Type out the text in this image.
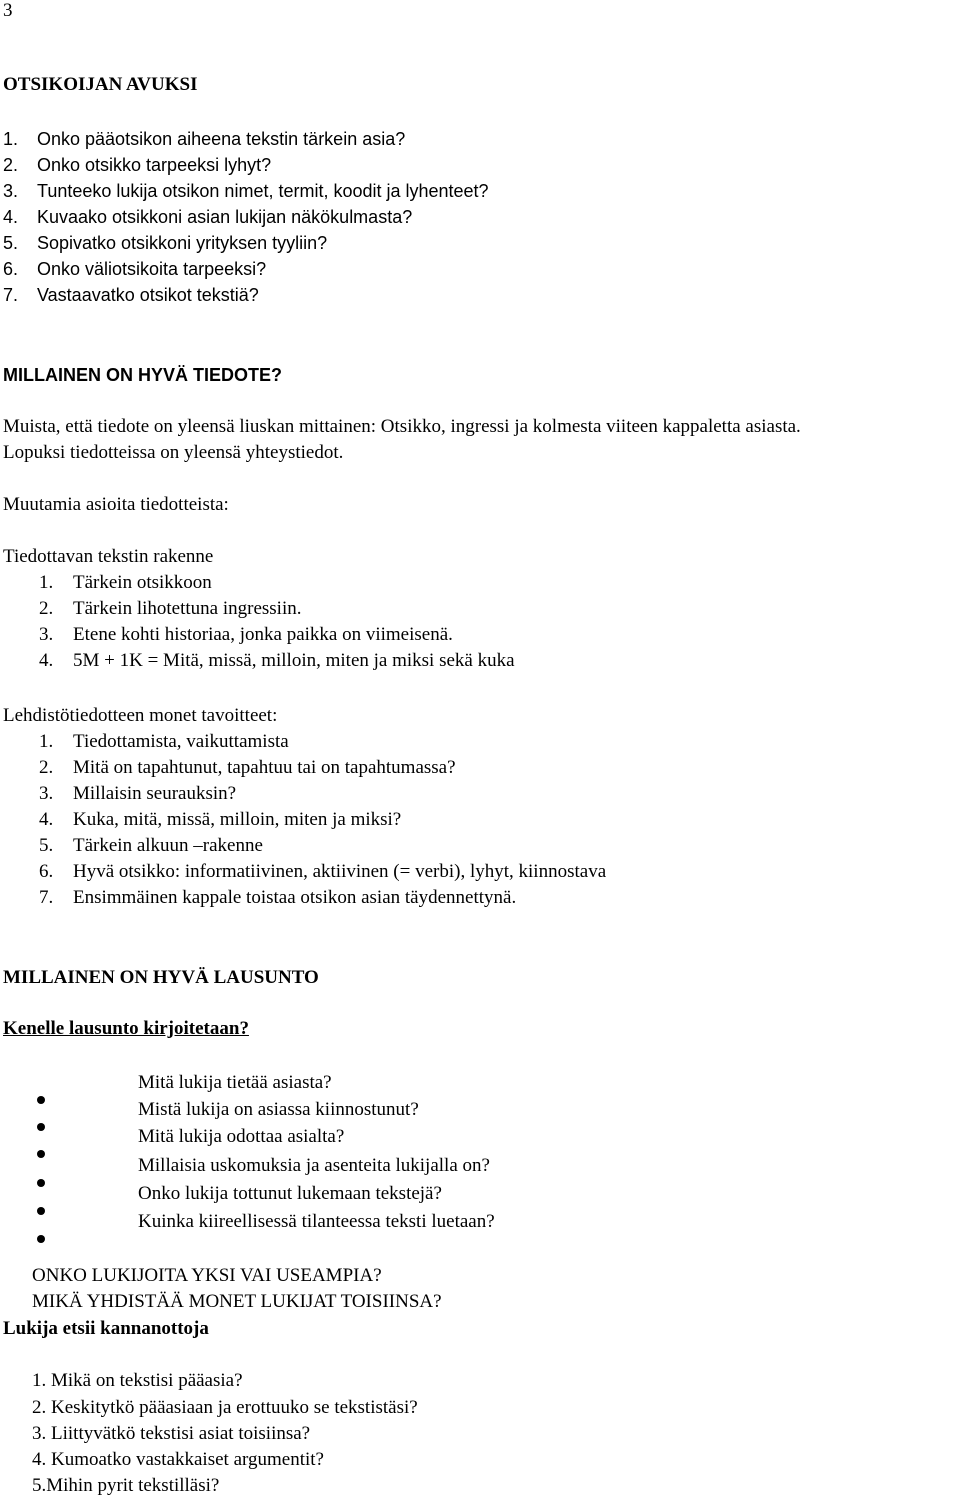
3
OTSIKOIJAN AVUKSI
1. Onko pääotsikon aiheena tekstin tärkein asia?
2. Onko otsikko tarpeeksi lyhyt?
3. Tunteeko lukija otsikon nimet, termit, koodit ja lyhenteet?
4. Kuvaako otsikkoni asian lukijan näkökulmasta?
5. Sopivatko otsikkoni yrityksen tyyliin?
6. Onko väliotsikoita tarpeeksi?
7. Vastaavatko otsikot tekstiä?
MILLAINEN ON HYVÄ TIEDOTE?
Muista, että tiedote on yleensä liuskan mittainen: Otsikko, ingressi ja kolmesta viiteen kappaletta asiasta.
Lopuksi tiedotteissa on yleensä yhteystiedot.
Muutamia asioita tiedotteista:
Tiedottavan tekstin rakenne
1. Tärkein otsikkoon
2. Tärkein lihotettuna ingressiin.
3. Etene kohti historiaa, jonka paikka on viimeisenä.
4. 5M + 1K = Mitä, missä, milloin, miten ja miksi sekä kuka
Lehdistötiedotteen monet tavoitteet:
1. Tiedottamista, vaikuttamista
2. Mitä on tapahtunut, tapahtuu tai on tapahtumassa?
3. Millaisin seurauksin?
4. Kuka, mitä, missä, milloin, miten ja miksi?
5. Tärkein alkuun –rakenne
6. Hyvä otsikko: informatiivinen, aktiivinen (= verbi), lyhyt, kiinnostava
7. Ensimmäinen kappale toistaa otsikon asian täydennettynä.
MILLAINEN ON HYVÄ LAUSUNTO
Kenelle lausunto kirjoitetaan?
Mitä lukija tietää asiasta?
Mistä lukija on asiassa kiinnostunut?
Mitä lukija odottaa asialta?
Millaisia uskomuksia ja asenteita lukijalla on?
Onko lukija tottunut lukemaan tekstejä?
Kuinka kiireellisessä tilanteessa teksti luetaan?
ONKO LUKIJOITA YKSI VAI USEAMPIA?
MIKÄ YHDISTÄÄ MONET LUKIJAT TOISIINSA?
Lukija etsii kannanottoja
1. Mikä on tekstisi pääasia?
2. Keskitytkö pääasiaan ja erottuuko se tekstistäsi?
3. Liittyvätkö tekstisi asiat toisiinsa?
4. Kumoatko vastakkaiset argumentit?
5.Mihin pyrit tekstilläsi?
